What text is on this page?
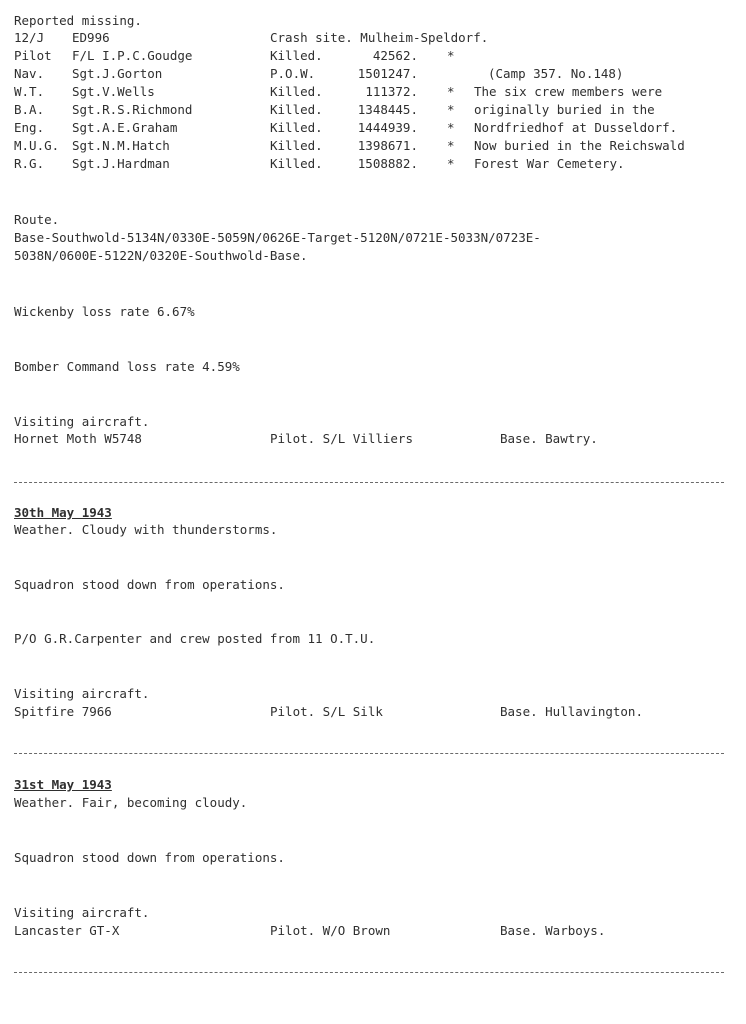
Reported missing.
12/J ED996	Crash site. Mulheim-Speldorf.
Pilot F/L I.P.C.Goudge	Killed.	42562. *
Nav. Sgt.J.Gorton	P.O.W.	1501247.	(Camp 357. No.148)
W.T. Sgt.V.Wells	Killed.	111372. * The six crew members were
B.A. Sgt.R.S.Richmond	Killed.	1348445. * originally buried in the
Eng. Sgt.A.E.Graham	Killed.	1444939. * Nordfriedhof at Dusseldorf.
M.U.G. Sgt.N.M.Hatch	Killed.	1398671. * Now buried in the Reichswald
R.G. Sgt.J.Hardman	Killed.	1508882. * Forest War Cemetery.
Route.
Base-Southwold-5134N/0330E-5059N/0626E-Target-5120N/0721E-5033N/0723E-
5038N/0600E-5122N/0320E-Southwold-Base.
Wickenby loss rate 6.67%
Bomber Command loss rate 4.59%
Visiting aircraft.
Hornet Moth W5748	Pilot. S/L Villiers	Base. Bawtry.
30th May 1943
Weather. Cloudy with thunderstorms.
Squadron stood down from operations.
P/O G.R.Carpenter and crew posted from 11 O.T.U.
Visiting aircraft.
Spitfire 7966	Pilot. S/L Silk	Base. Hullavington.
31st May 1943
Weather. Fair, becoming cloudy.
Squadron stood down from operations.
Visiting aircraft.
Lancaster GT-X	Pilot. W/O Brown	Base. Warboys.
